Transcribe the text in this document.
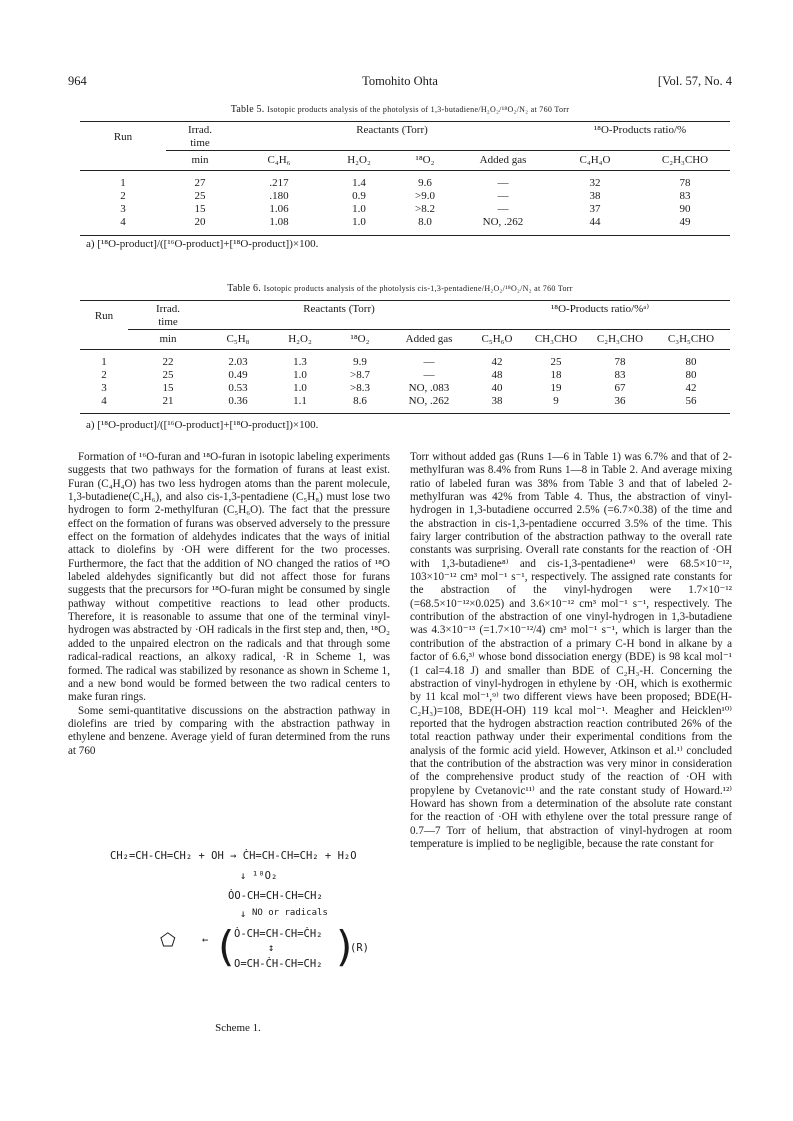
964	Tomohito Ohta	[Vol. 57, No. 4
Table 5. Isotopic products analysis of the photolysis of 1,3-butadiene/H₂O₂/¹⁸O₂/N₂ at 760 Torr
Run	Irrad.	Reactants (Torr)				¹⁸O-Products ratio/%	
	time						
	min	C₄H₆	H₂O₂	¹⁸O₂	Added gas	C₄H₄O	C₂H₃CHO

1	27	.217	1.4	9.6	—	32	78
2	25	.180	0.9	>9.0	—	38	83
3	15	1.06	1.0	>8.2	—	37	90
4	20	1.08	1.0	8.0	NO, .262	44	49
a) [¹⁸O-product]/([¹⁶O-product]+[¹⁸O-product])×100.
Table 6. Isotopic products analysis of the photolysis cis-1,3-pentadiene/H₂O₂/¹⁸O₂/N₂ at 760 Torr
Run	Irrad.	Reactants (Torr)				¹⁸O-Products ratio/%ᵃ⁾			
	time								
	min	C₅H₈	H₂O₂	¹⁸O₂	Added gas	C₅H₆O	CH₃CHO	C₂H₃CHO	C₃H₅CHO

1	22	2.03	1.3	9.9	—	42	25	78	80
2	25	0.49	1.0	>8.7	—	48	18	83	80
3	15	0.53	1.0	>8.3	NO, .083	40	19	67	42
4	21	0.36	1.1	8.6	NO, .262	38	9	36	56
a) [¹⁸O-product]/([¹⁶O-product]+[¹⁸O-product])×100.

Formation of ¹⁶O-furan and ¹⁸O-furan in isotopic labeling experiments suggests that two pathways for the formation of furans at least exist. Furan (C₄H₄O) has two less hydrogen atoms than the parent molecule, 1,3-butadiene(C₄H₆), and also cis-1,3-pentadiene (C₅H₈) must lose two hydrogen to form 2-methylfuran (C₅H₆O). The fact that the pressure effect on the formation of furans was observed adversely to the pressure effect on the formation of aldehydes indicates that the ways of initial attack to diolefins by ·OH were different for the two processes. Furthermore, the fact that the addition of NO changed the ratios of ¹⁸O labeled aldehydes significantly but did not affect those for furans suggests that the precursors for ¹⁸O-furan might be consumed by single pathway without competitive reactions to lead other products. Therefore, it is reasonable to assume that one of the terminal vinyl-hydrogen was abstracted by ·OH radicals in the first step and, then, ¹⁸O₂ added to the unpaired electron on the radicals and that through some radical-radical reactions, an alkoxy radical, ·R in Scheme 1, was formed. The radical was stabilized by resonance as shown in Scheme 1, and a new bond would be formed between the two radical centers to make furan rings.

Some semi-quantitative discussions on the abstraction pathway in diolefins are tried by comparing with the abstraction pathway in ethylene and benzene. Average yield of furan determined from the runs at 760

Torr without added gas (Runs 1—6 in Table 1) was 6.7% and that of 2-methylfuran was 8.4% from Runs 1—8 in Table 2. And average mixing ratio of labeled furan was 38% from Table 3 and that of labeled 2-methylfuran was 42% from Table 4. Thus, the abstraction of vinyl-hydrogen in 1,3-butadiene occurred 2.5% (=6.7×0.38) of the time and the abstraction in cis-1,3-pentadiene occurred 3.5% of the time. This fairy larger contribution of the abstraction pathway to the overall rate constants was surprising. Overall rate constants for the reaction of ·OH with 1,3-butadiene⁸⁾ and cis-1,3-pentadiene⁴⁾ were 68.5×10⁻¹², 103×10⁻¹² cm³ mol⁻¹ s⁻¹, respectively. The assigned rate constants for the abstraction of the vinyl-hydrogen were 1.7×10⁻¹² (=68.5×10⁻¹²×0.025) and 3.6×10⁻¹² cm³ mol⁻¹ s⁻¹, respectively. The contribution of the abstraction of one vinyl-hydrogen in 1,3-butadiene was 4.3×10⁻¹³ (=1.7×10⁻¹²/4) cm³ mol⁻¹ s⁻¹, which is larger than the contribution of the abstraction of a primary C-H bond in alkane by a factor of 6.6,³⁾ whose bond dissociation energy (BDE) is 98 kcal mol⁻¹ (1 cal=4.18 J) and smaller than BDE of C₂H₃-H. Concerning the abstraction of vinyl-hydrogen in ethylene by ·OH, which is exothermic by 11 kcal mol⁻¹,⁹⁾ two different views have been proposed; BDE(H-C₂H₃)=108, BDE(H-OH) 119 kcal mol⁻¹. Meagher and Heicklen¹⁰⁾ reported that the hydrogen abstraction reaction contributed 26% of the total reaction pathway under their experimental conditions from the analysis of the formic acid yield. However, Atkinson et al.¹⁾ concluded that the contribution of the abstraction was very minor in consideration of the comprehensive product study of the reaction of ·OH with propylene by Cvetanovic¹¹⁾ and the rate constant study of Howard.¹²⁾ Howard has shown from a determination of the absolute rate constant for the reaction of ·OH with ethylene over the total pressure range of 0.7—7 Torr of helium, that abstraction of vinyl-hydrogen at room temperature is implied to be negligible, because the rate constant for

CH₂=CH-CH=CH₂ + OH → ĊH=CH-CH=CH₂ + H₂O
↓ ¹⁸O₂
ȮO-CH=CH-CH=CH₂
↓ NO or radicals
⬠	← ( Ȯ-CH=CH-CH=ĊH₂
↕
O=CH-ĊH-CH=CH₂ )
(R)
Scheme 1.
